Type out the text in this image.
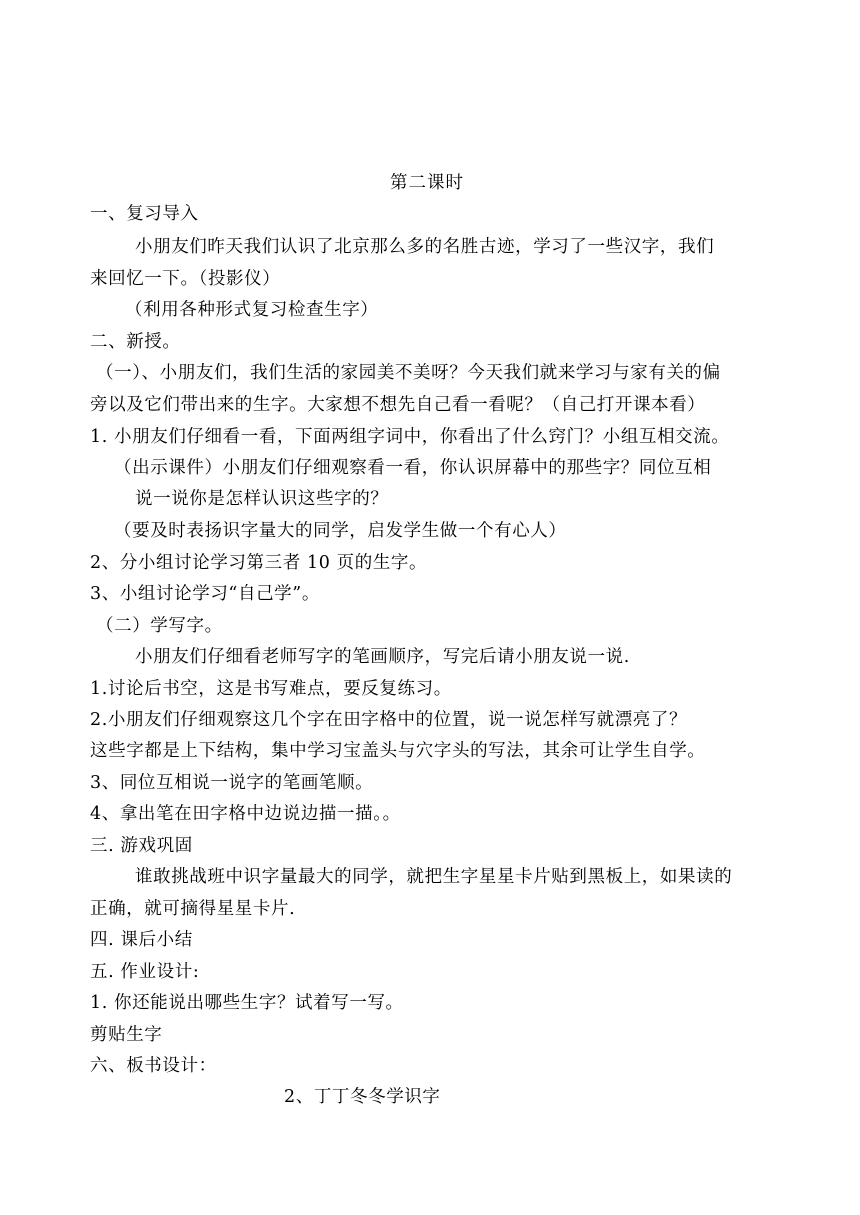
第二课时
一、复习导入
小朋友们昨天我们认识了北京那么多的名胜古迹，学习了一些汉字，我们
来回忆一下。（投影仪）
（利用各种形式复习检查生字）
二、新授。
（一）、小朋友们，我们生活的家园美不美呀？今天我们就来学习与家有关的偏
旁以及它们带出来的生字。大家想不想先自己看一看呢？（自己打开课本看）
1. 小朋友们仔细看一看，下面两组字词中，你看出了什么窍门？小组互相交流。
（出示课件）小朋友们仔细观察看一看，你认识屏幕中的那些字？同位互相
说一说你是怎样认识这些字的？
（要及时表扬识字量大的同学，启发学生做一个有心人）
2、分小组讨论学习第三者 10 页的生字。
3、小组讨论学习“自己学”。
（二）学写字。
小朋友们仔细看老师写字的笔画顺序，写完后请小朋友说一说.
1.讨论后书空，这是书写难点，要反复练习。
2.小朋友们仔细观察这几个字在田字格中的位置，说一说怎样写就漂亮了？
这些字都是上下结构，集中学习宝盖头与穴字头的写法，其余可让学生自学。
3、同位互相说一说字的笔画笔顺。
4、拿出笔在田字格中边说边描一描。。
三. 游戏巩固
谁敢挑战班中识字量最大的同学，就把生字星星卡片贴到黑板上，如果读的
正确，就可摘得星星卡片.
四. 课后小结
五. 作业设计:
1. 你还能说出哪些生字？试着写一写。
剪贴生字
六、板书设计：
2、丁丁冬冬学识字
